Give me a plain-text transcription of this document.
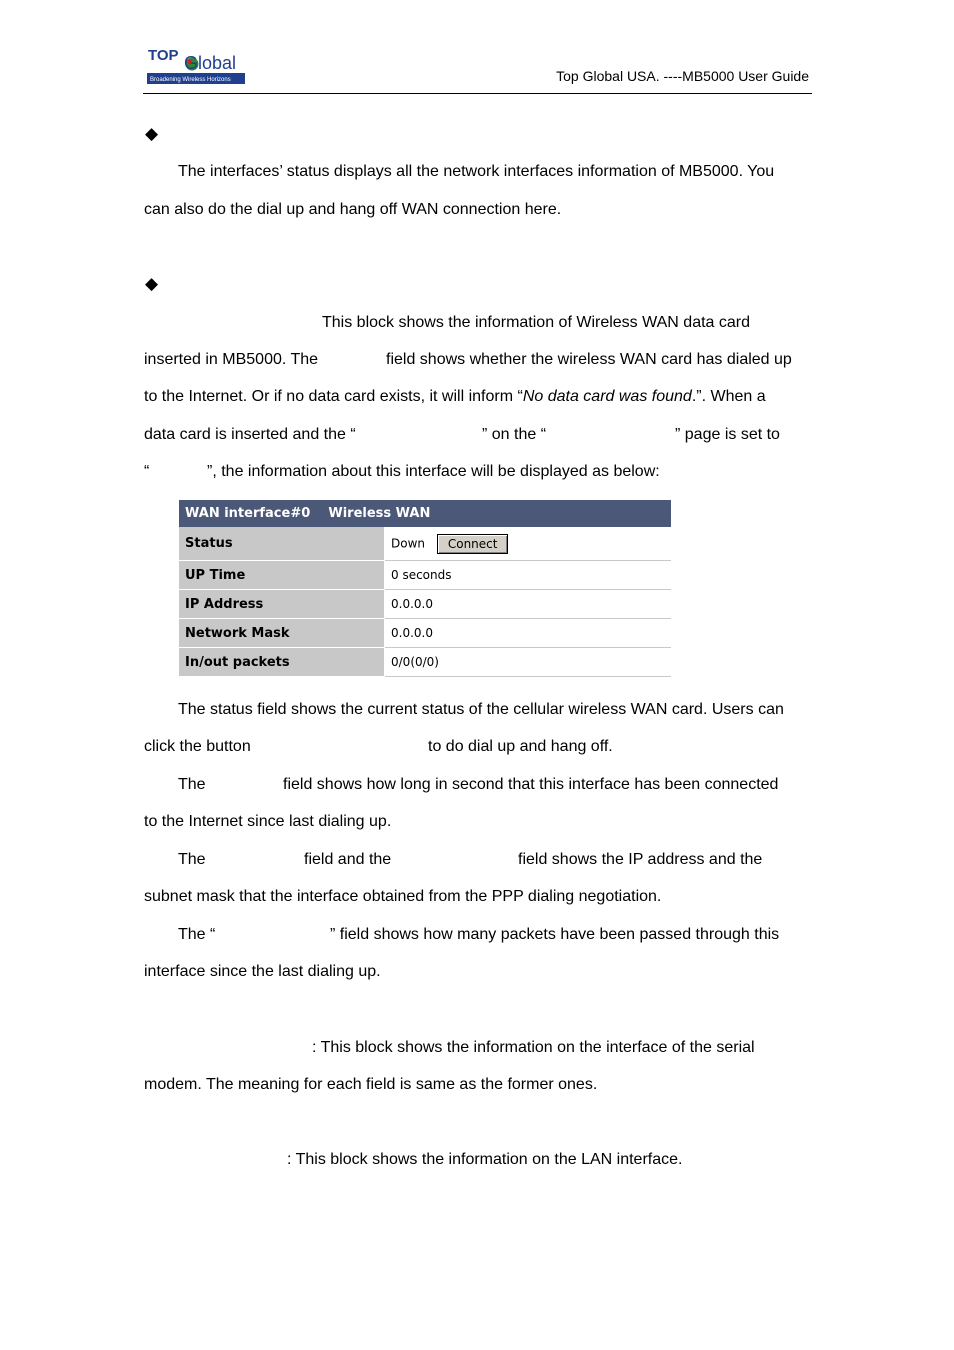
TOP Global
Broadening Wireless Horizons	Top Global USA. ----MB5000 User Guide
◆
The interfaces’ status displays all the network interfaces information of MB5000. You
can also do the dial up and hang off WAN connection here.
◆
This block shows the information of Wireless WAN data card
inserted in MB5000. The	field shows whether the wireless WAN card has dialed up
to the Internet. Or if no data card exists, it will inform “No data card was found.”. When a
data card is inserted and the “	” on the “	” page is set to
“	”, the information about this interface will be displayed as below:
WAN interface#0    Wireless WAN	
Status	Down Connect
UP Time	0 seconds
IP Address	0.0.0.0
Network Mask	0.0.0.0
In/out packets	0/0(0/0)
The status field shows the current status of the cellular wireless WAN card. Users can
click the button	to do dial up and hang off.
The	field shows how long in second that this interface has been connected
to the Internet since last dialing up.
The	field and the	field shows the IP address and the
subnet mask that the interface obtained from the PPP dialing negotiation.
The “	” field shows how many packets have been passed through this
interface since the last dialing up.
: This block shows the information on the interface of the serial
modem. The meaning for each field is same as the former ones.
: This block shows the information on the LAN interface.
